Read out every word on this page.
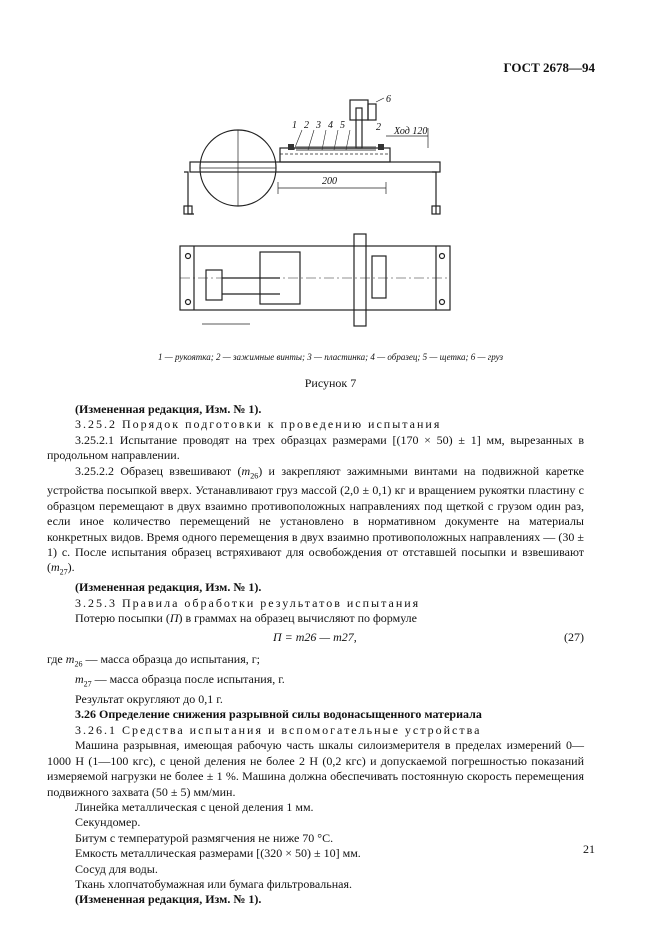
ГОСТ 2678—94
1 2 3 4 5
6
2 Ход 120
200
1 — рукоятка; 2 — зажимные винты; 3 — пластинка; 4 — образец; 5 — щетка; 6 — груз
Рисунок 7

(Измененная редакция, Изм. № 1).

3.25.2 Порядок подготовки к проведению испытания

3.25.2.1 Испытание проводят на трех образцах размерами [(170 × 50) ± 1] мм, вырезанных в продольном направлении.

3.25.2.2 Образец взвешивают $(m_{26})$ и закрепляют зажимными винтами на подвижной каретке устройства посыпкой вверх. Устанавливают груз массой (2,0 ± 0,1) кг и вращением рукоятки пластину с образцом перемещают в двух взаимно противоположных направлениях под щеткой с грузом один раз, если иное количество перемещений не установлено в нормативном документе на материалы конкретных видов. Время одного перемещения в двух взаимно противоположных направлениях — (30 ± 1) с. После испытания образец встряхивают для освобождения от отставшей посыпки и взвешивают $(m_{27})$.

(Измененная редакция, Изм. № 1).

3.25.3 Правила обработки результатов испытания

Потерю посыпки (П) в граммах на образец вычисляют по формуле

П = m26 — m27,	(27)

где $m_{26}$ — масса образца до испытания, г;

$m_{27}$ — масса образца после испытания, г.

Результат округляют до 0,1 г.

3.26 Определение снижения разрывной силы водонасыщенного материала

3.26.1 Средства испытания и вспомогательные устройства

Машина разрывная, имеющая рабочую часть шкалы силоизмерителя в пределах измерений 0—1000 Н (1—100 кгс), с ценой деления не более 2 Н (0,2 кгс) и допускаемой погрешностью показаний измеряемой нагрузки не более ± 1 %. Машина должна обеспечивать постоянную скорость перемещения подвижного захвата (50 ± 5) мм/мин.

Линейка металлическая с ценой деления 1 мм.

Секундомер.

Битум с температурой размягчения не ниже 70 °С.

Емкость металлическая размерами [(320 × 50) ± 10] мм.

Сосуд для воды.

Ткань хлопчатобумажная или бумага фильтровальная.

(Измененная редакция, Изм. № 1).

21
